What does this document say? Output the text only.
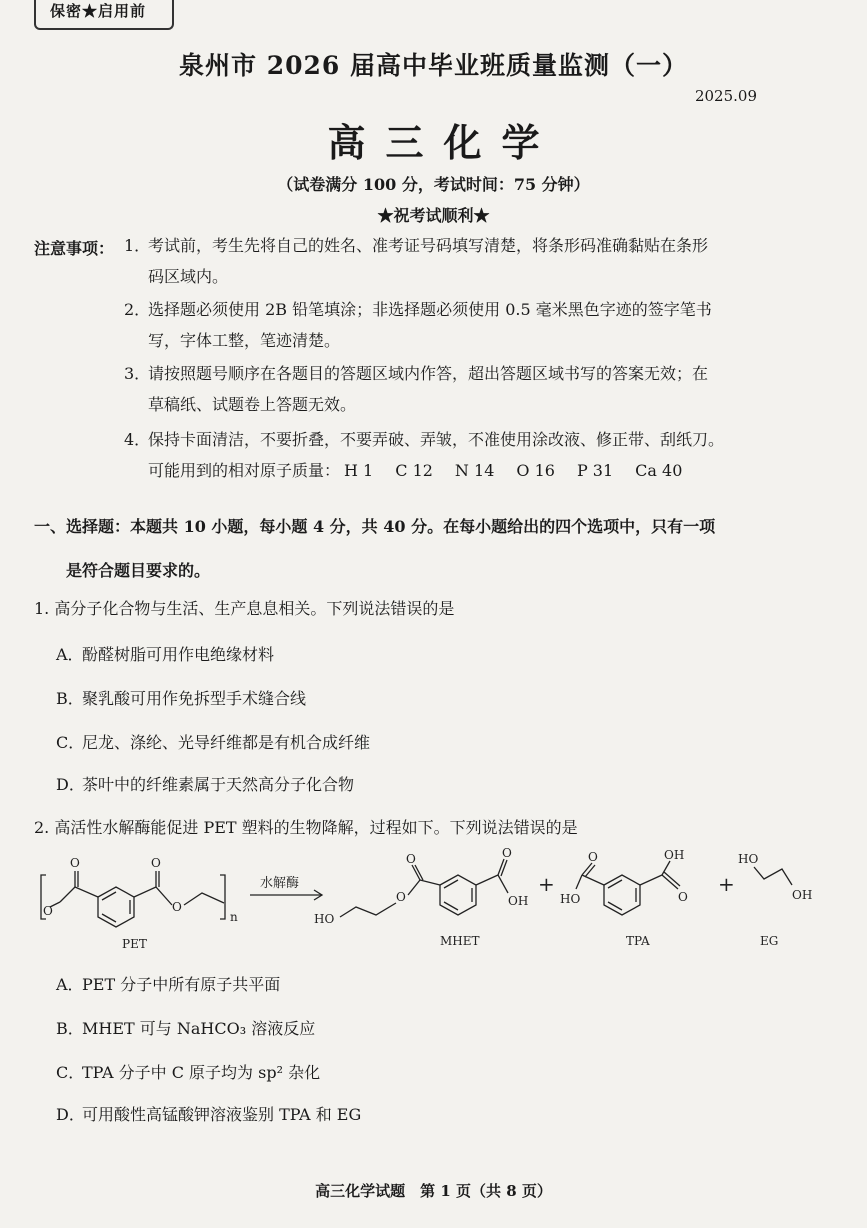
保密★启用前
泉州市 2026 届高中毕业班质量监测（一）
2025.09
高三化学
（试卷满分 100 分，考试时间：75 分钟）
★祝考试顺利★
注意事项： 1．考试前，考生先将自己的姓名、准考证号码填写清楚，将条形码准确黏贴在条形
码区域内。
2．选择题必须使用 2B 铅笔填涂；非选择题必须使用 0.5 毫米黑色字迹的签字笔书
写，字体工整，笔迹清楚。
3．请按照题号顺序在各题目的答题区域内作答，超出答题区域书写的答案无效；在
草稿纸、试题卷上答题无效。
4．保持卡面清洁，不要折叠，不要弄破、弄皱，不准使用涂改液、修正带、刮纸刀。
可能用到的相对原子质量： H 1 C 12 N 14 O 16 P 31 Ca 40
一、选择题：本题共 10 小题，每小题 4 分，共 40 分。在每小题给出的四个选项中，只有一项
是符合题目要求的。
1. 高分子化合物与生活、生产息息相关。下列说法错误的是
A．酚醛树脂可用作电绝缘材料
B．聚乳酸可用作免拆型手术缝合线
C．尼龙、涤纶、光导纤维都是有机合成纤维
D．茶叶中的纤维素属于天然高分子化合物
2. 高活性水解酶能促进 PET 塑料的生物降解，过程如下。下列说法错误的是
O
O	O
O
n	HO
O
O	O
OH
O
HO
OH
O
HO
OH
水解酶	+	+
PET	MHET	TPA	EG
A．PET 分子中所有原子共平面
B．MHET 可与 NaHCO₃ 溶液反应
C．TPA 分子中 C 原子均为 sp² 杂化
D．可用酸性高锰酸钾溶液鉴别 TPA 和 EG
高三化学试题　第 1 页（共 8 页）
